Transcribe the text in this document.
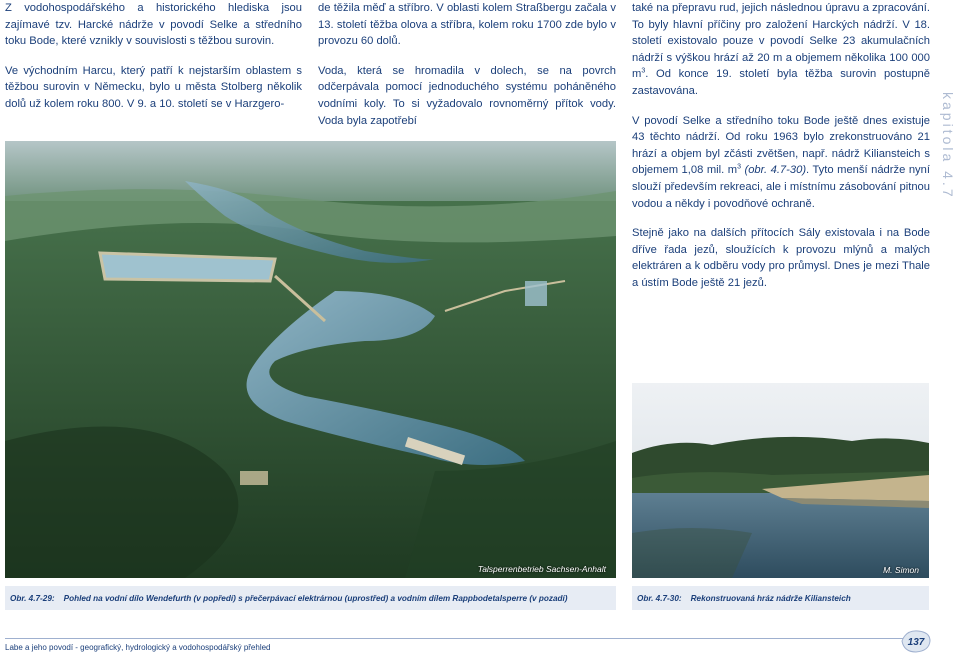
Z vodohospodářského a historického hlediska jsou zajímavé tzv. Harcké nádrže v povodí Selke a středního toku Bode, které vznikly v souvislosti s těžbou surovin.

Ve východním Harcu, který patří k nejstarším oblastem s těžbou surovin v Německu, bylo u města Stolberg několik dolů už kolem roku 800. V 9. a 10. století se v Harzgero-

de těžila měď a stříbro. V oblasti kolem Straßbergu začala v 13. století těžba olova a stříbra, kolem roku 1700 zde bylo v provozu 60 dolů.

Voda, která se hromadila v dolech, se na povrch odčerpávala pomocí jednoduchého systému poháněného vodními koly. To si vyžadovalo rovnoměrný přítok vody. Voda byla zapotřebí

také na přepravu rud, jejich následnou úpravu a zpracování. To byly hlavní příčiny pro založení Harckých nádrží. V 18. století existovalo pouze v povodí Selke 23 akumulačních nádrží s výškou hrází až 20 m a objemem několika 100 000 $m^3$. Od konce 19. století byla těžba surovin postupně zastavována.

V povodí Selke a středního toku Bode ještě dnes existuje 43 těchto nádrží. Od roku 1963 bylo zrekonstruováno 21 hrází a objem byl zčásti zvětšen, např. nádrž Kiliansteich s objemem 1,08 mil. $m^3$ (obr. 4.7-30). Tyto menší nádrže nyní slouží především rekreaci, ale i místnímu zásobování pitnou vodou a někdy i povodňové ochraně.

Stejně jako na dalších přítocích Sály existovala i na Bode dříve řada jezů, sloužících k provozu mlýnů a malých elektráren a k odběru vody pro průmysl. Dnes je mezi Thale a ústím Bode ještě 21 jezů.

Talsperrenbetrieb Sachsen-Anhalt	M. Simon
Obr. 4.7-29: Pohled na vodní dílo Wendefurth (v popředí) s přečerpávací elektrárnou (uprostřed) a vodním dílem Rappbodetalsperre (v pozadí)	Obr. 4.7-30: Rekonstruovaná hráz nádrže Kiliansteich
kapitola 4.7
Labe a jeho povodí - geografický, hydrologický a vodohospodářský přehled	137
